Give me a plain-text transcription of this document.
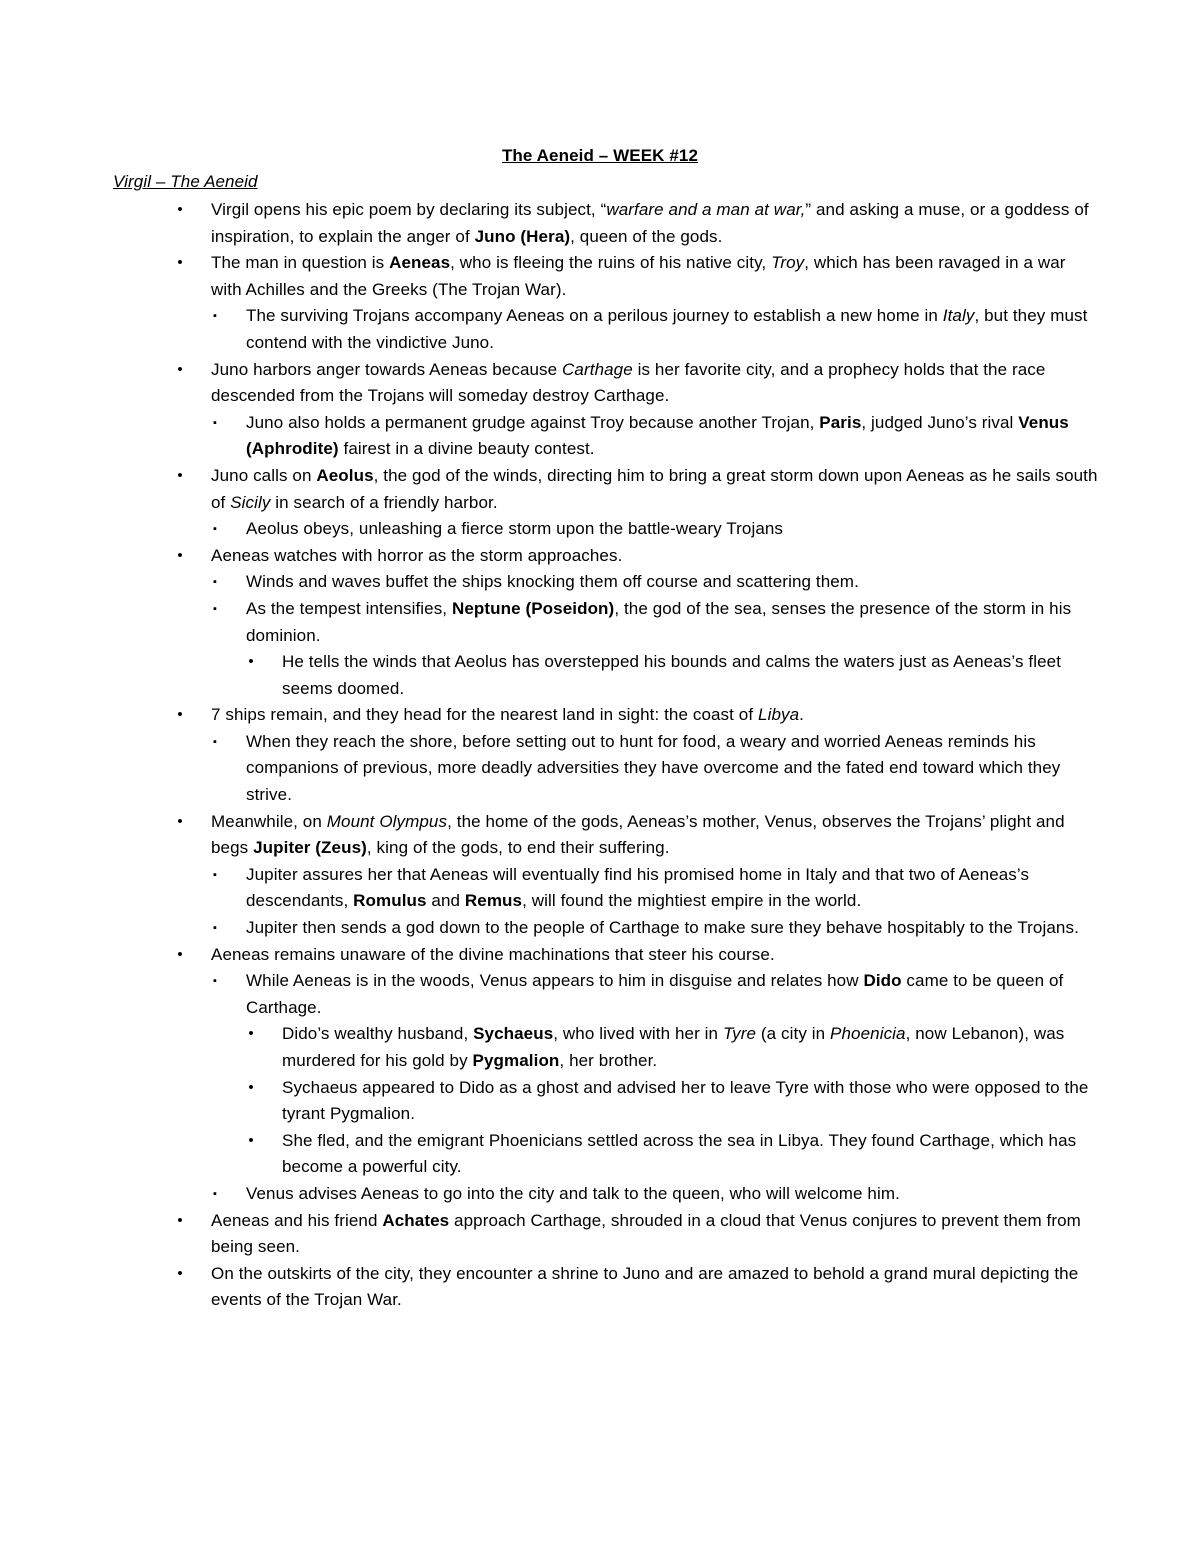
The Aeneid – WEEK #12
Virgil – The Aeneid
•	Virgil opens his epic poem by declaring its subject, “warfare and a man at war,” and asking a muse, or a goddess of inspiration, to explain the anger of Juno (Hera), queen of the gods.
•	The man in question is Aeneas, who is fleeing the ruins of his native city, Troy, which has been ravaged in a war with Achilles and the Greeks (The Trojan War).
▪	The surviving Trojans accompany Aeneas on a perilous journey to establish a new home in Italy, but they must contend with the vindictive Juno.
•	Juno harbors anger towards Aeneas because Carthage is her favorite city, and a prophecy holds that the race descended from the Trojans will someday destroy Carthage.
▪	Juno also holds a permanent grudge against Troy because another Trojan, Paris, judged Juno’s rival Venus (Aphrodite) fairest in a divine beauty contest.
•	Juno calls on Aeolus, the god of the winds, directing him to bring a great storm down upon Aeneas as he sails south of Sicily in search of a friendly harbor.
▪	Aeolus obeys, unleashing a fierce storm upon the battle-weary Trojans
•	Aeneas watches with horror as the storm approaches.
▪	Winds and waves buffet the ships knocking them off course and scattering them.
▪	As the tempest intensifies, Neptune (Poseidon), the god of the sea, senses the presence of the storm in his dominion.
•	He tells the winds that Aeolus has overstepped his bounds and calms the waters just as Aeneas’s fleet seems doomed.
•	7 ships remain, and they head for the nearest land in sight: the coast of Libya.
▪	When they reach the shore, before setting out to hunt for food, a weary and worried Aeneas reminds his companions of previous, more deadly adversities they have overcome and the fated end toward which they strive.
•	Meanwhile, on Mount Olympus, the home of the gods, Aeneas’s mother, Venus, observes the Trojans’ plight and begs Jupiter (Zeus), king of the gods, to end their suffering.
▪	Jupiter assures her that Aeneas will eventually find his promised home in Italy and that two of Aeneas’s descendants, Romulus and Remus, will found the mightiest empire in the world.
▪	Jupiter then sends a god down to the people of Carthage to make sure they behave hospitably to the Trojans.
•	Aeneas remains unaware of the divine machinations that steer his course.
▪	While Aeneas is in the woods, Venus appears to him in disguise and relates how Dido came to be queen of Carthage.
•	Dido’s wealthy husband, Sychaeus, who lived with her in Tyre (a city in Phoenicia, now Lebanon), was murdered for his gold by Pygmalion, her brother.
•	Sychaeus appeared to Dido as a ghost and advised her to leave Tyre with those who were opposed to the tyrant Pygmalion.
•	She fled, and the emigrant Phoenicians settled across the sea in Libya. They found Carthage, which has become a powerful city.
▪	Venus advises Aeneas to go into the city and talk to the queen, who will welcome him.
•	Aeneas and his friend Achates approach Carthage, shrouded in a cloud that Venus conjures to prevent them from being seen.
•	On the outskirts of the city, they encounter a shrine to Juno and are amazed to behold a grand mural depicting the events of the Trojan War.
